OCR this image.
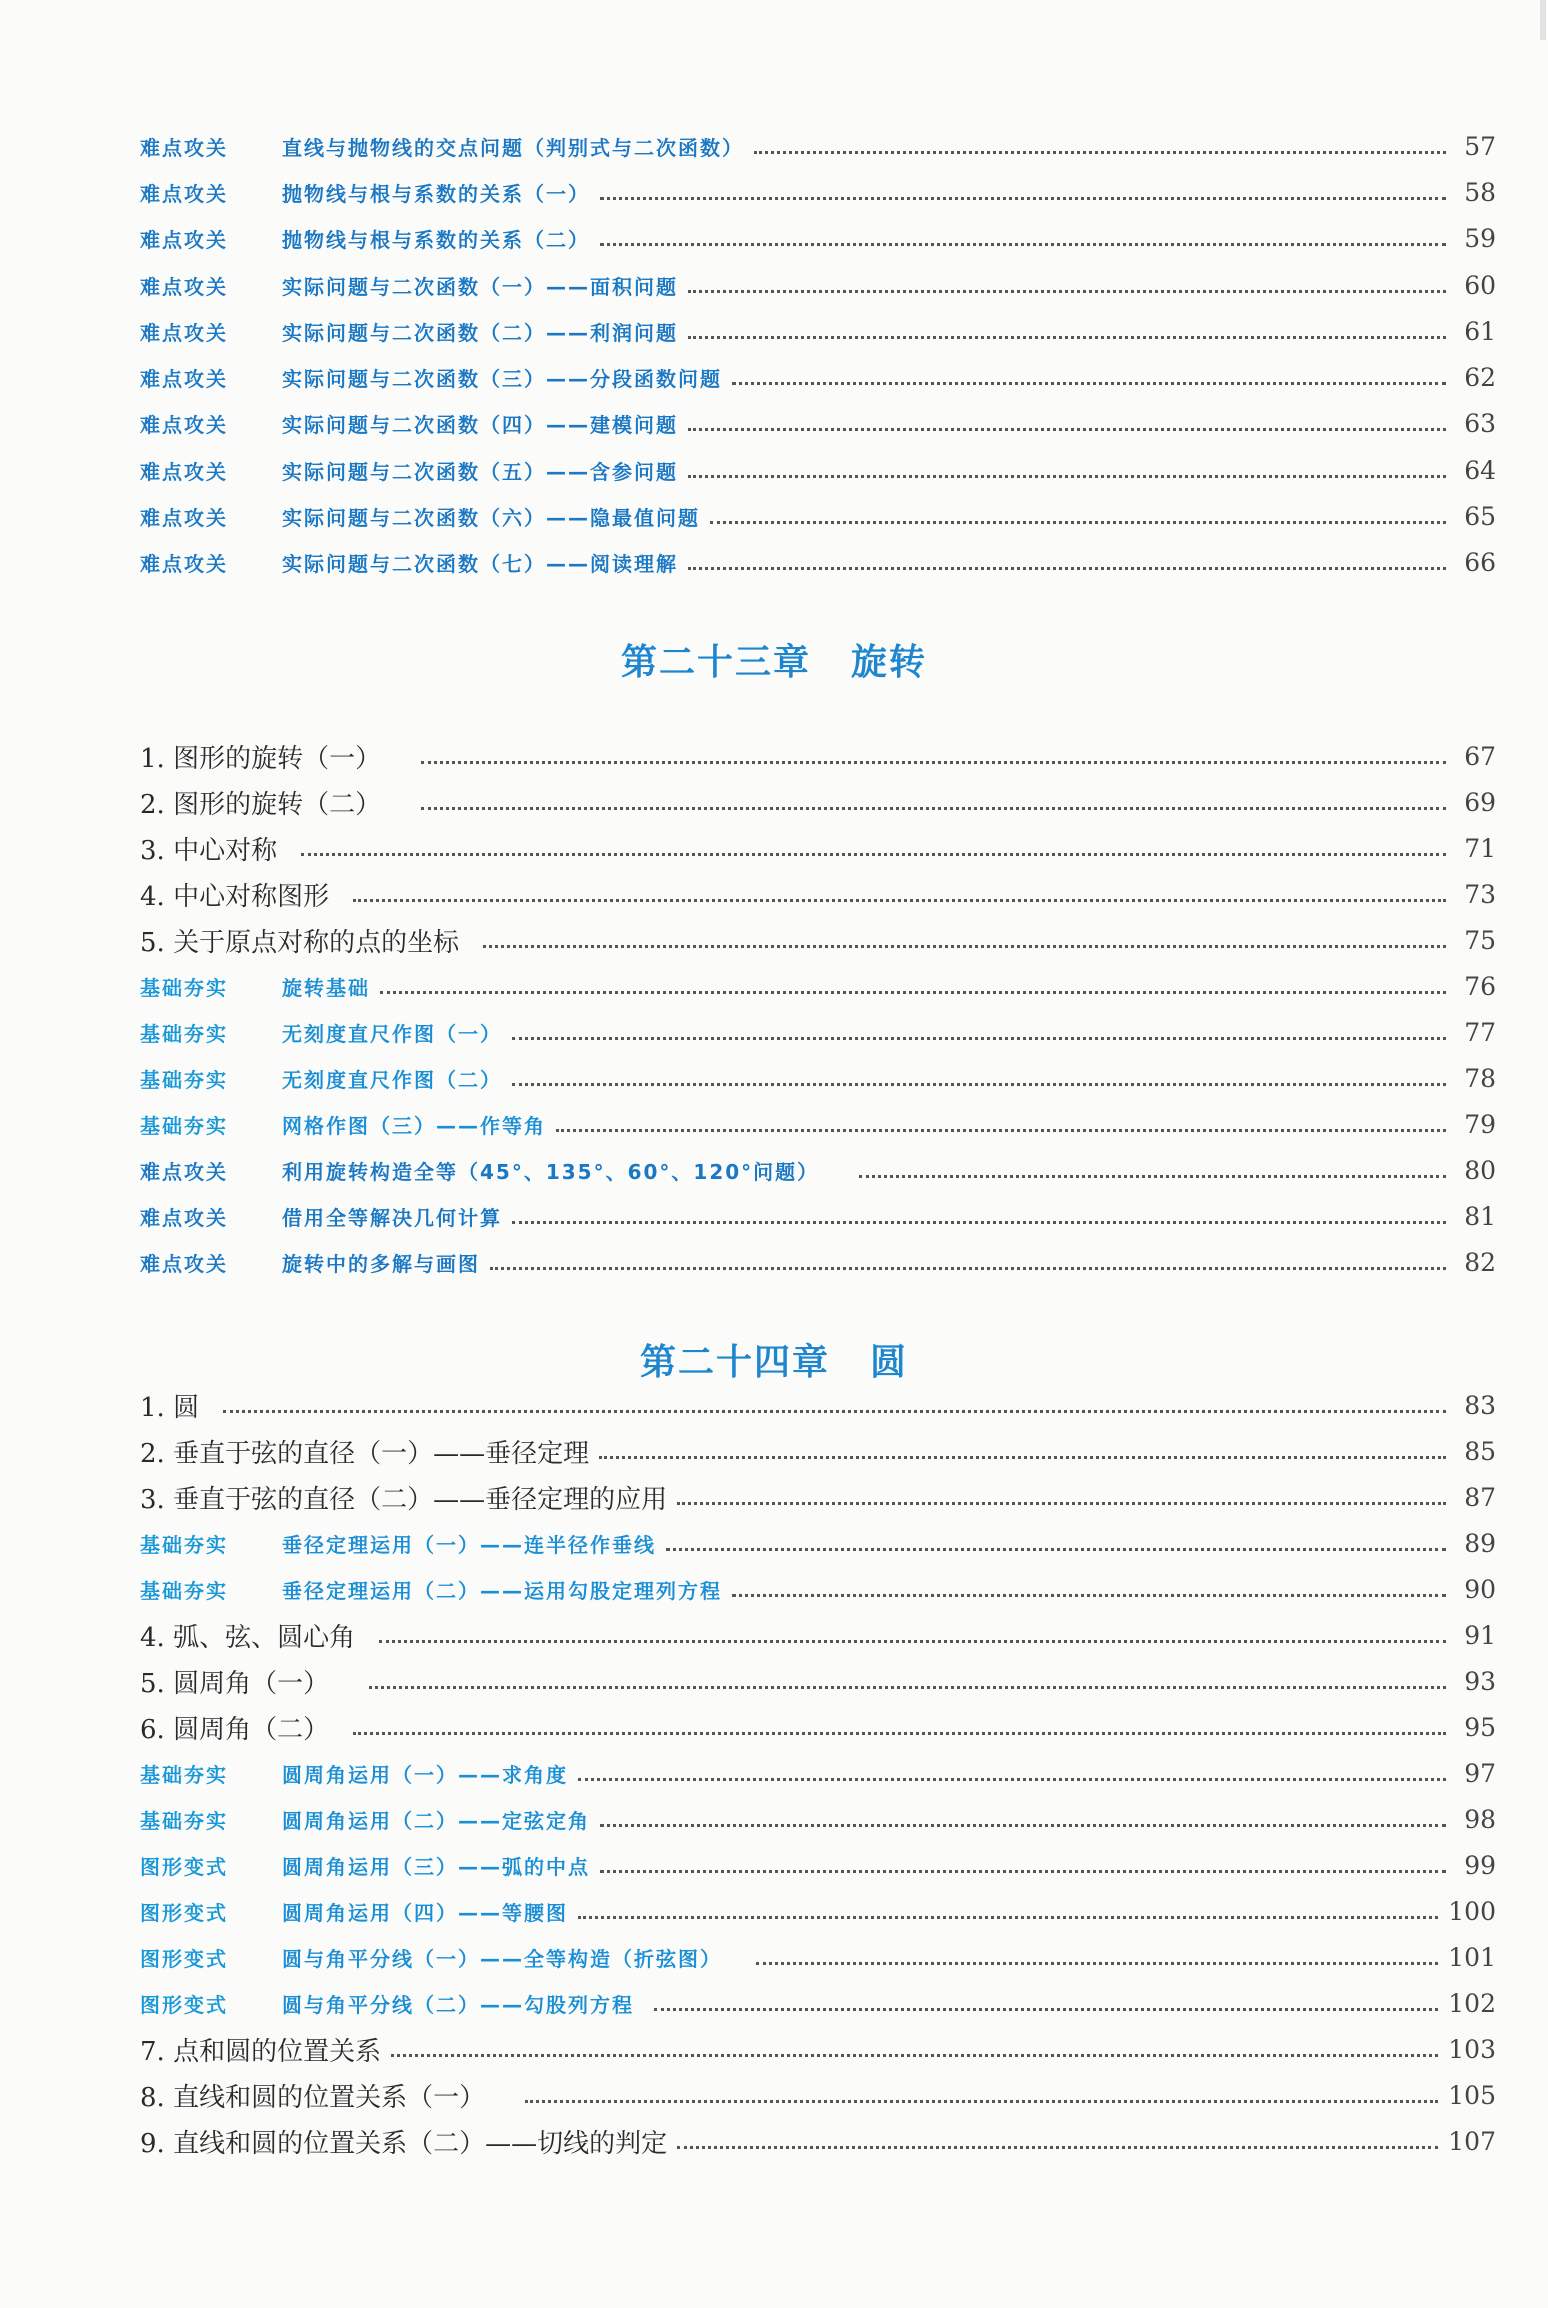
难点攻关	直线与抛物线的交点问题（判别式与二次函数）	57
难点攻关	抛物线与根与系数的关系（一）	58
难点攻关	抛物线与根与系数的关系（二）	59
难点攻关	实际问题与二次函数（一）——面积问题	60
难点攻关	实际问题与二次函数（二）——利润问题	61
难点攻关	实际问题与二次函数（三）——分段函数问题	62
难点攻关	实际问题与二次函数（四）——建模问题	63
难点攻关	实际问题与二次函数（五）——含参问题	64
难点攻关	实际问题与二次函数（六）——隐最值问题	65
难点攻关	实际问题与二次函数（七）——阅读理解	66
第二十三章 旋转
1. 图形的旋转（一）	67
2. 图形的旋转（二）	69
3. 中心对称	71
4. 中心对称图形	73
5. 关于原点对称的点的坐标	75
基础夯实	旋转基础	76
基础夯实	无刻度直尺作图（一）	77
基础夯实	无刻度直尺作图（二）	78
基础夯实	网格作图（三）——作等角	79
难点攻关	利用旋转构造全等（45°、135°、60°、120°问题）	80
难点攻关	借用全等解决几何计算	81
难点攻关	旋转中的多解与画图	82
第二十四章 圆
1. 圆	83
2. 垂直于弦的直径（一）——垂径定理	85
3. 垂直于弦的直径（二）——垂径定理的应用	87
基础夯实	垂径定理运用（一）——连半径作垂线	89
基础夯实	垂径定理运用（二）——运用勾股定理列方程	90
4. 弧、弦、圆心角	91
5. 圆周角（一）	93
6. 圆周角（二）	95
基础夯实	圆周角运用（一）——求角度	97
基础夯实	圆周角运用（二）——定弦定角	98
图形变式	圆周角运用（三）——弧的中点	99
图形变式	圆周角运用（四）——等腰图	100
图形变式	圆与角平分线（一）——全等构造（折弦图）	101
图形变式	圆与角平分线（二）——勾股列方程	102
7. 点和圆的位置关系	103
8. 直线和圆的位置关系（一）	105
9. 直线和圆的位置关系（二）——切线的判定	107
